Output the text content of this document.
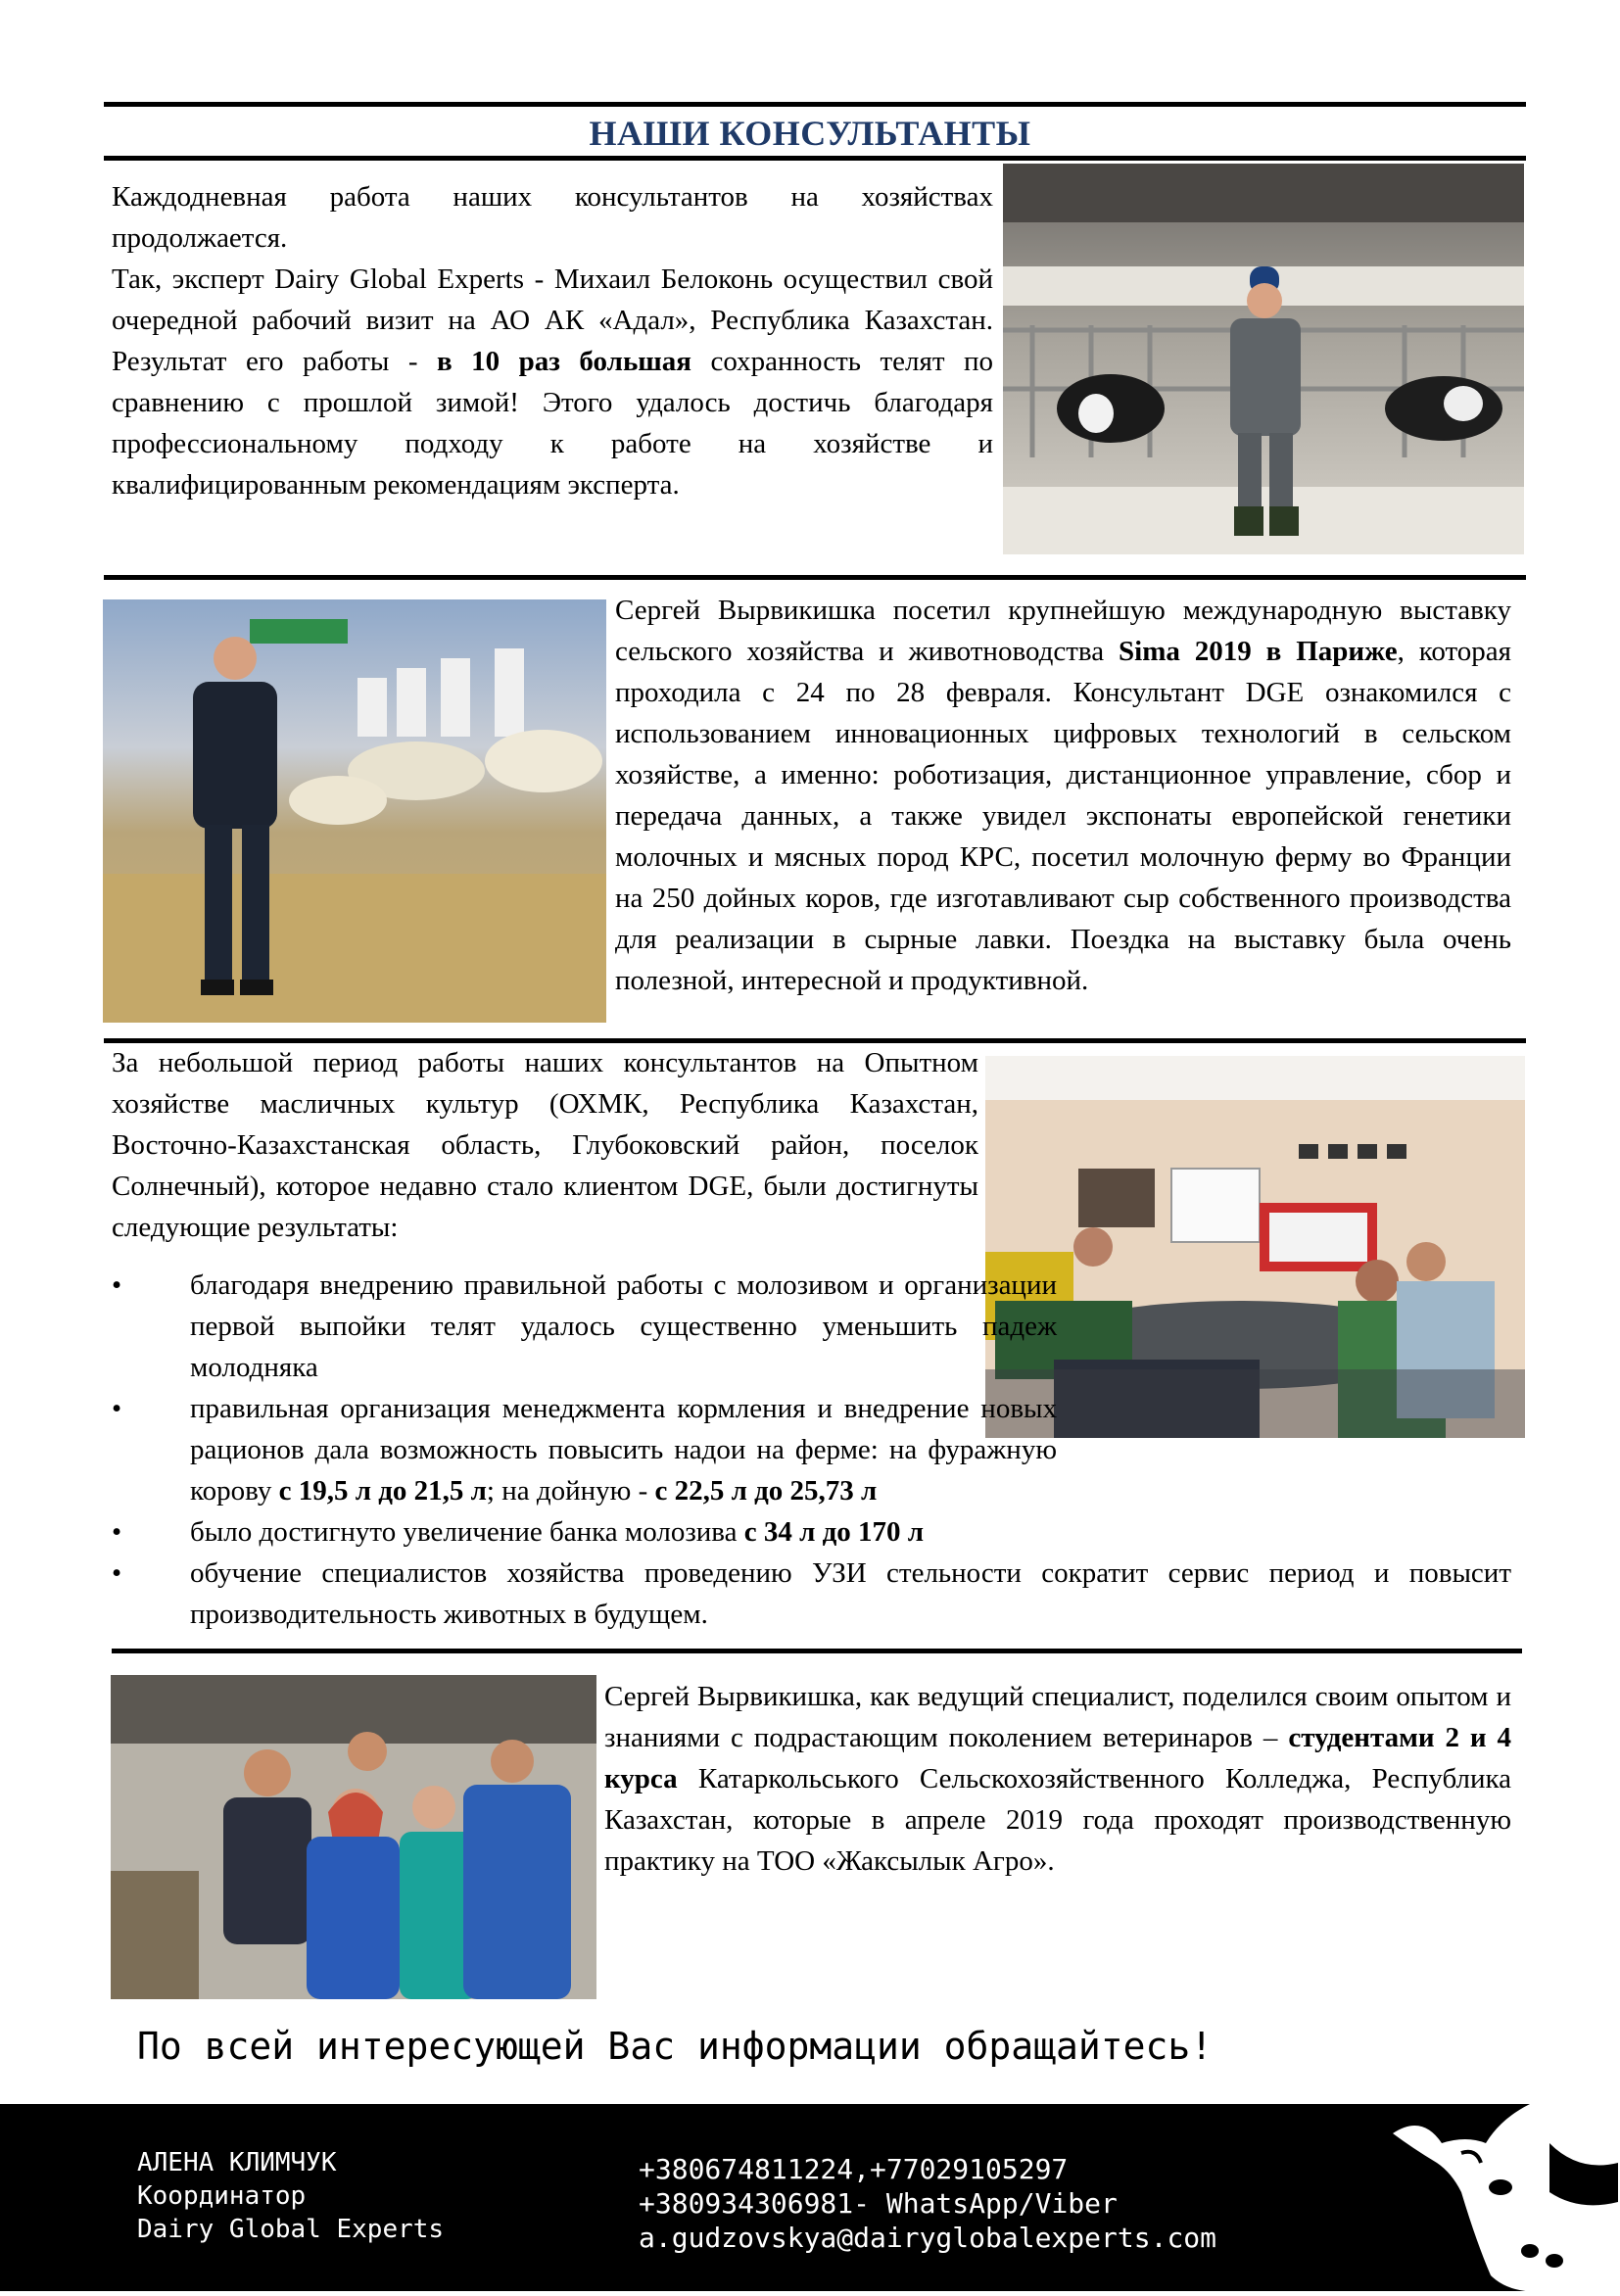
НАШИ КОНСУЛЬТАНТЫ

Каждодневная работа наших консультантов на хозяйствах продолжается.

Так, эксперт Dairy Global Experts - Михаил Белоконь осуществил свой очередной рабочий визит на АО АК «Адал», Республика Казахстан. Результат его работы - в 10 раз большая сохранность телят по сравнению с прошлой зимой! Этого удалось достичь благодаря профессиональному подходу к работе на хозяйстве и квалифицированным рекомендациям эксперта.

Сергей Вырвикишка посетил крупнейшую международную выставку сельского хозяйства и животноводства Sima 2019 в Париже, которая проходила с 24 по 28 февраля. Консультант DGE ознакомился с использованием инновационных цифровых технологий в сельском хозяйстве, а именно: роботизация, дистанционное управление, сбор и передача данных, а также увидел экспонаты европейской генетики молочных и мясных пород КРС, посетил молочную ферму во Франции на 250 дойных коров, где изготавливают сыр собственного производства для реализации в сырные лавки. Поездка на выставку была очень полезной, интересной и продуктивной.

За небольшой период работы наших консультантов на Опытном хозяйстве масличных культур (ОХМК, Республика Казахстан, Восточно-Казахстанская область, Глубоковский район, поселок Солнечный), которое недавно стало клиентом DGE, были достигнуты следующие результаты:

• благодаря внедрению правильной работы с молозивом и организации первой выпойки телят удалось существенно уменьшить падеж молодняка
• правильная организация менеджмента кормления и внедрение новых рационов дала возможность повысить надои на ферме: на фуражную корову с 19,5 л до 21,5 л; на дойную - с 22,5 л до 25,73 л
• было достигнуто увеличение банка молозива с 34 л до 170 л
• обучение специалистов хозяйства проведению УЗИ стельности сократит сервис период и повысит производительность животных в будущем.

Сергей Вырвикишка, как ведущий специалист, поделился своим опытом и знаниями с подрастающим поколением ветеринаров – студентами 2 и 4 курса Катаркольського Сельскохозяйственного Колледжа, Республика Казахстан, которые в апреле 2019 года проходят производственную практику на ТОО «Жаксылык Агро».

По всей интересующей Вас информации обращайтесь!
АЛЕНА КЛИМЧУК
Координатор
Dairy Global Experts
+380674811224,+77029105297
+380934306981- WhatsApp/Viber
a.gudzovskya@dairyglobalexperts.com
